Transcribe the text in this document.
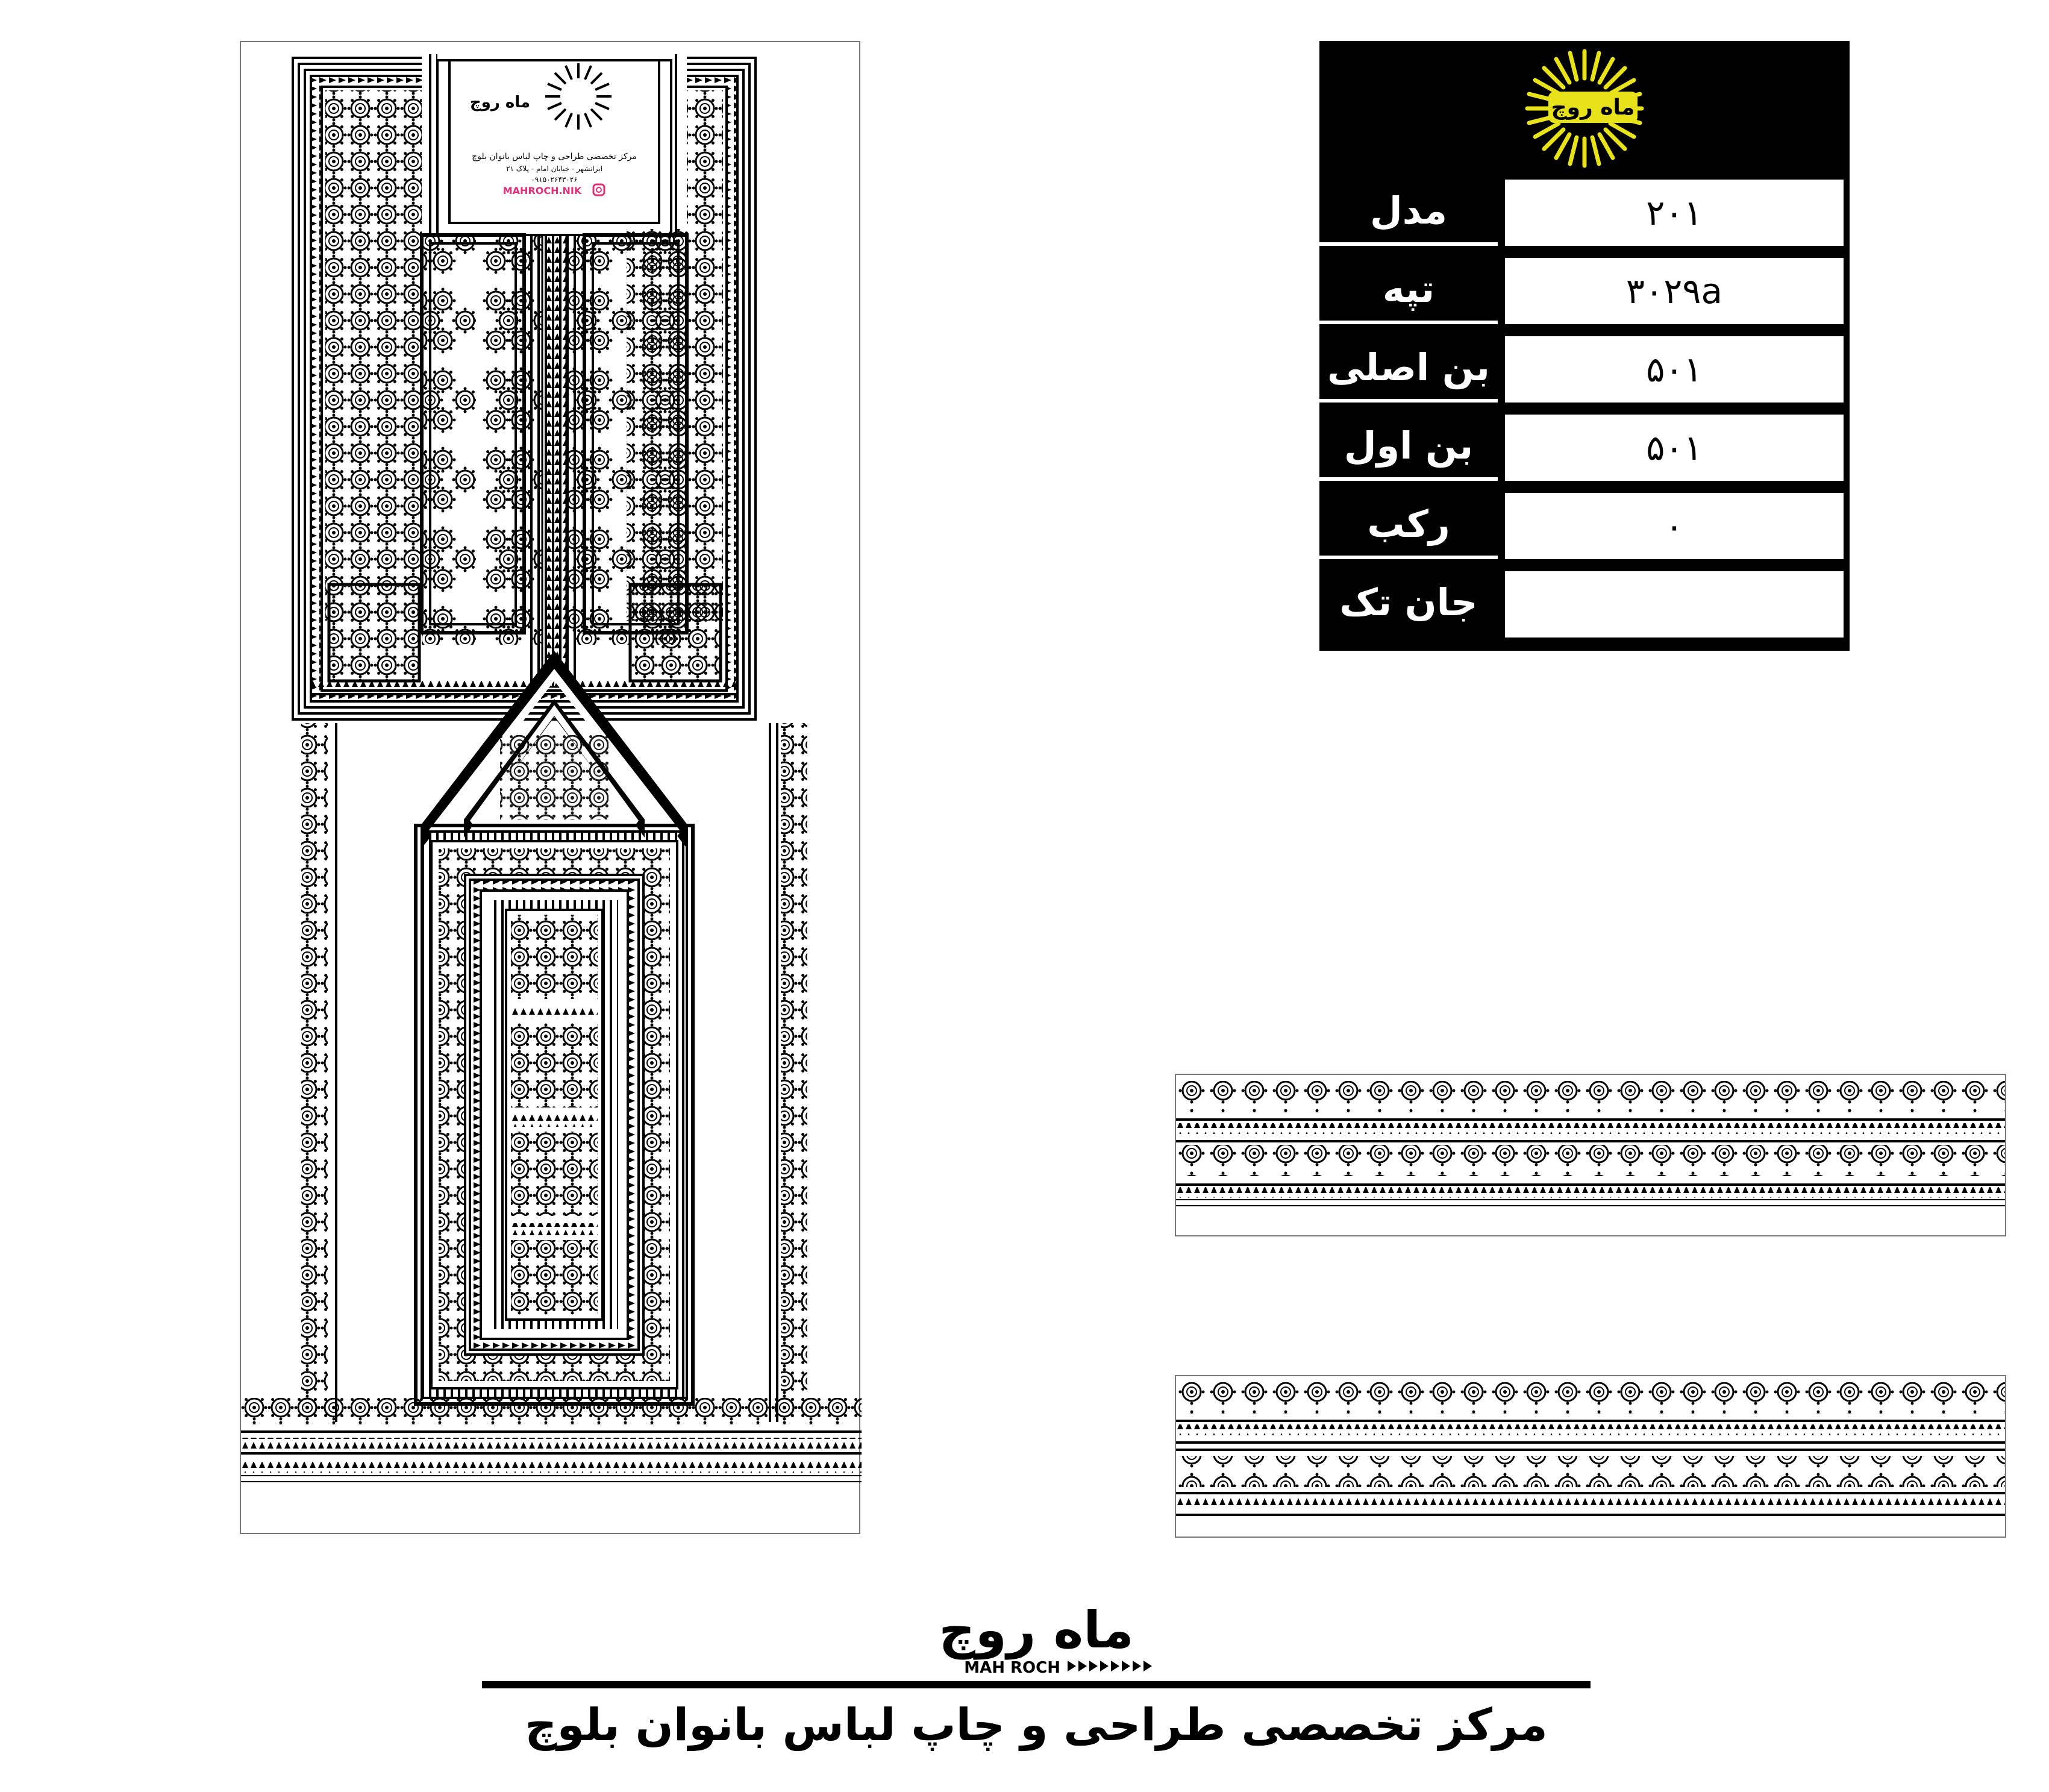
ماه روچ
مرکز تخصصی طراحی و چاپ لباس بانوان بلوچ
ایرانشهر - خیابان امام - پلاک ۲۱
۰۹۱۵۰۲۶۴۳۰۲۶
MAHROCH.NIK
ماه روچ
مدل	۲۰۱
تپه	۳۰۲۹a
بن اصلی	۵۰۱
بن اول	۵۰۱
رکب	۰
جان تک
ماه روچ
MAH ROCH
مرکز تخصصی طراحی و چاپ لباس بانوان بلوچ
